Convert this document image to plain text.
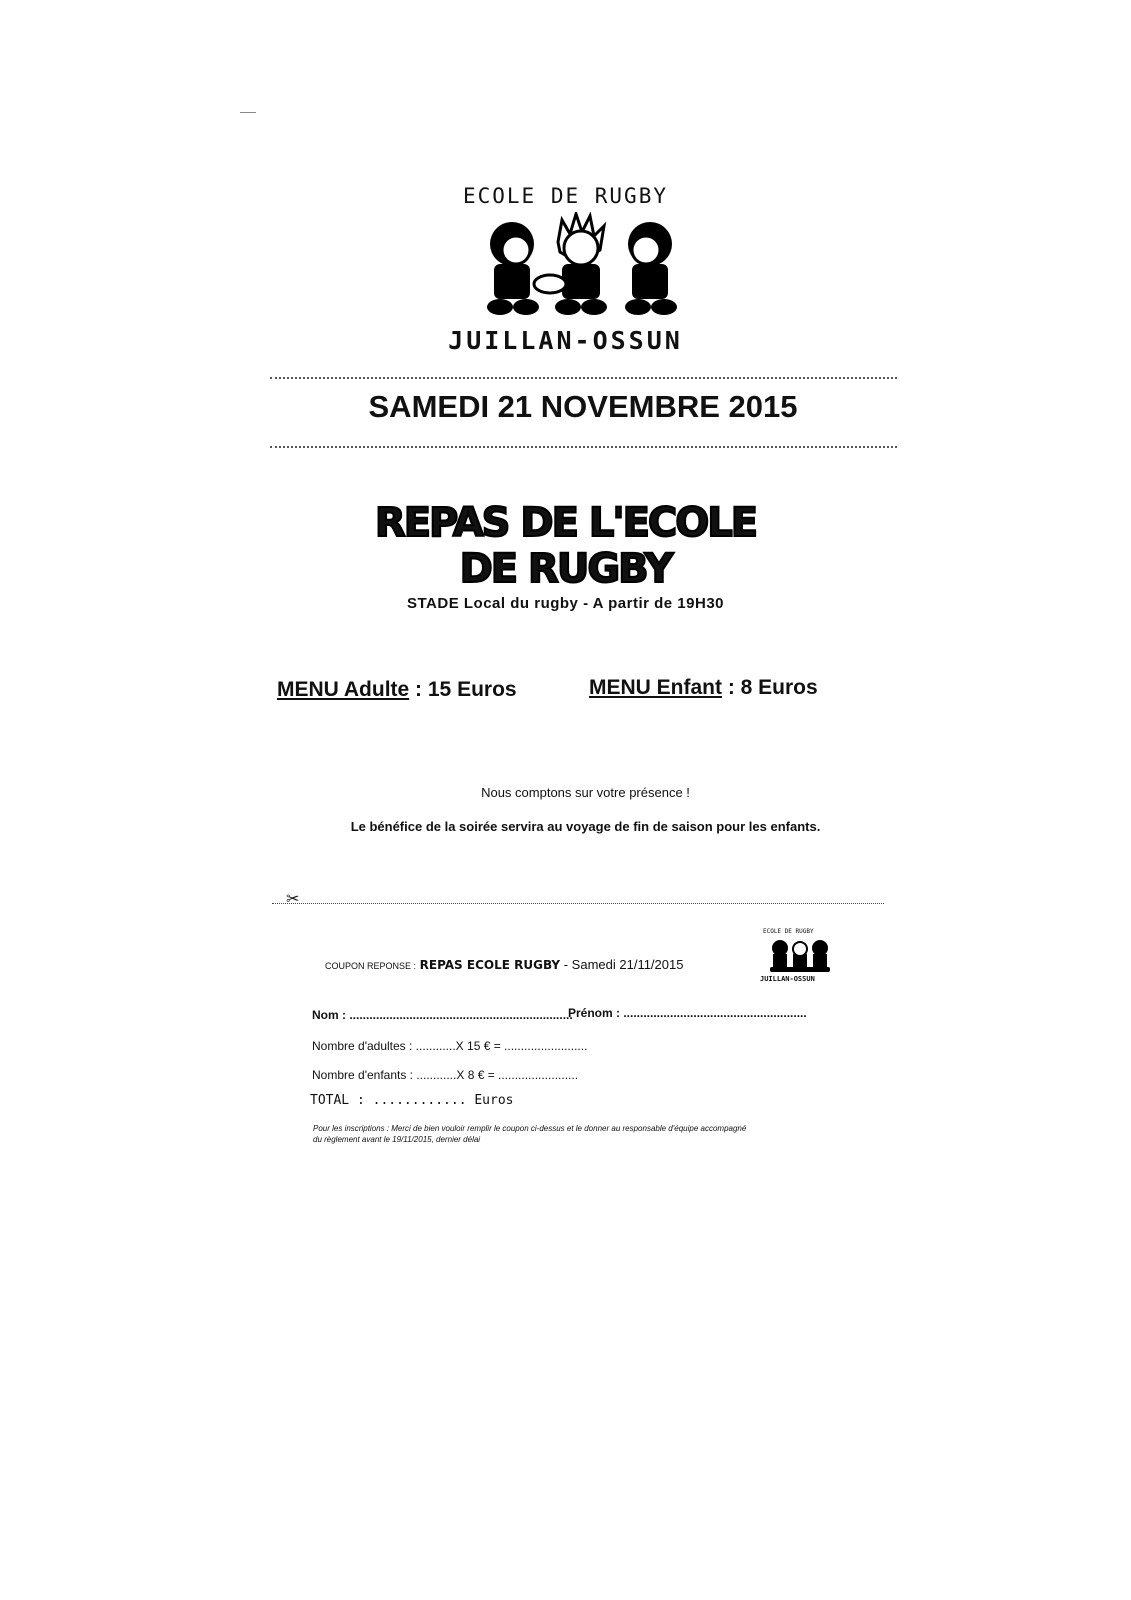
ECOLE DE RUGBY
JUILLAN-OSSUN
SAMEDI 21 NOVEMBRE 2015
REPAS DE L'ECOLE
DE RUGBY
STADE Local du rugby - A partir de 19H30
MENU Adulte : 15 Euros	MENU Enfant : 8 Euros
Nous comptons sur votre présence !
Le bénéfice de la soirée servira au voyage de fin de saison pour les enfants.
✂
COUPON REPONSE : REPAS ECOLE RUGBY - Samedi 21/11/2015
ECOLE DE RUGBY
JUILLAN-OSSUN
Nom : ...................................................................
Prénom : .......................................................
Nombre d'adultes : ............X 15 € = .........................
Nombre d'enfants : ............X 8 € = ........................
TOTAL : ............ Euros
Pour les inscriptions : Merci de bien vouloir remplir le coupon ci-dessus et le donner au responsable d'équipe accompagné
du règlement avant le 19/11/2015, dernier délai
